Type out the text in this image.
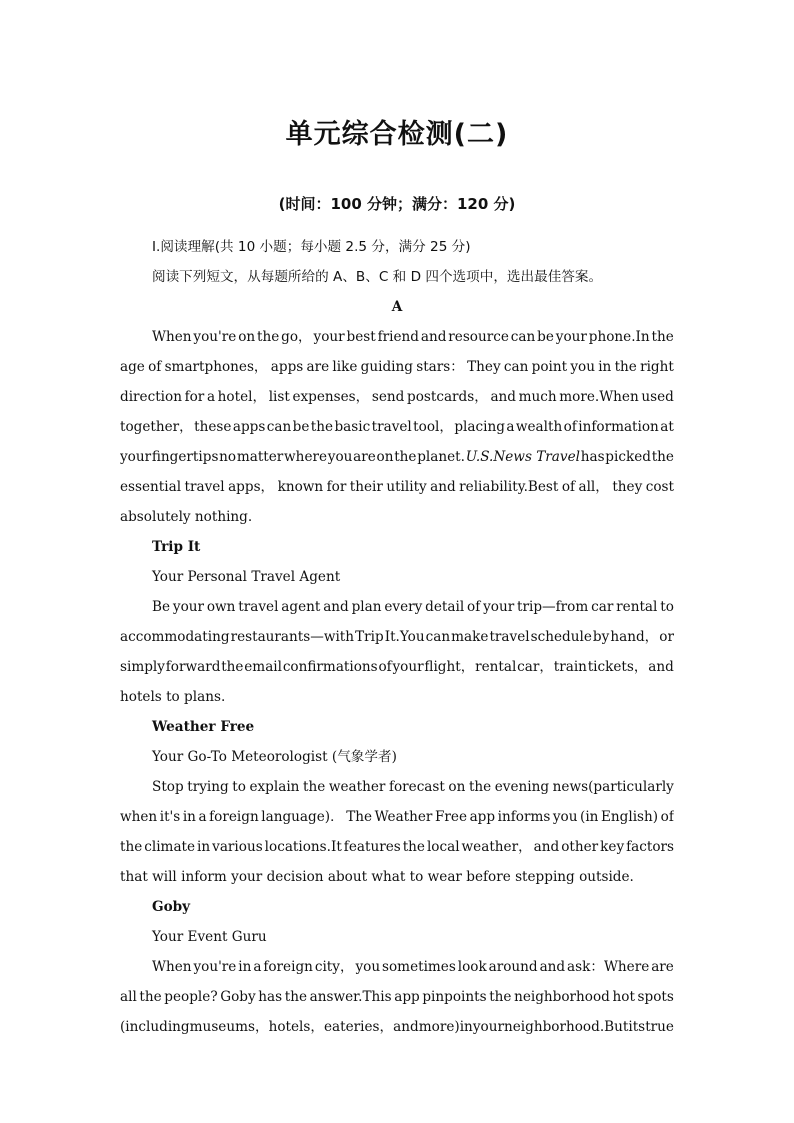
单元综合检测(二)
(时间：100 分钟；满分：120 分)
Ⅰ.阅读理解(共 10 小题；每小题 2.5 分，满分 25 分)
阅读下列短文，从每题所给的 A、B、C 和 D 四个选项中，选出最佳答案。
A
When you're on the go， your best friend and resource can be your phone.In the
age of smartphones， apps are like guiding stars： They can point you in the right
direction for a hotel， list expenses， send postcards， and much more.When used
together， these apps can be the basic travel tool， placing a wealth of information at
your fingertips no matter where you are on the planet. U.S.News Travel has picked the
essential travel apps， known for their utility and reliability.Best of all， they cost
absolutely nothing.
Trip It
Your Personal Travel Agent
Be your own travel agent and plan every detail of your trip—from car rental to
accommodating restaurants—with Trip It.You can make travel schedule by hand， or
simply forward the email confirmations of your flight， rental car， train tickets， and
hotels to plans.
Weather Free
Your Go-To Meteorologist (气象学者)
Stop trying to explain the weather forecast on the evening news(particularly
when it's in a foreign language)． The Weather Free app informs you (in English) of
the climate in various locations.It features the local weather， and other key factors
that will inform your decision about what to wear before stepping outside.
Goby
Your Event Guru
When you're in a foreign city， you sometimes look around and ask：Where are
all the people? Goby has the answer.This app pinpoints the neighborhood hot spots
(including museums， hotels， eateries， and more) in your neighborhood.But its true
